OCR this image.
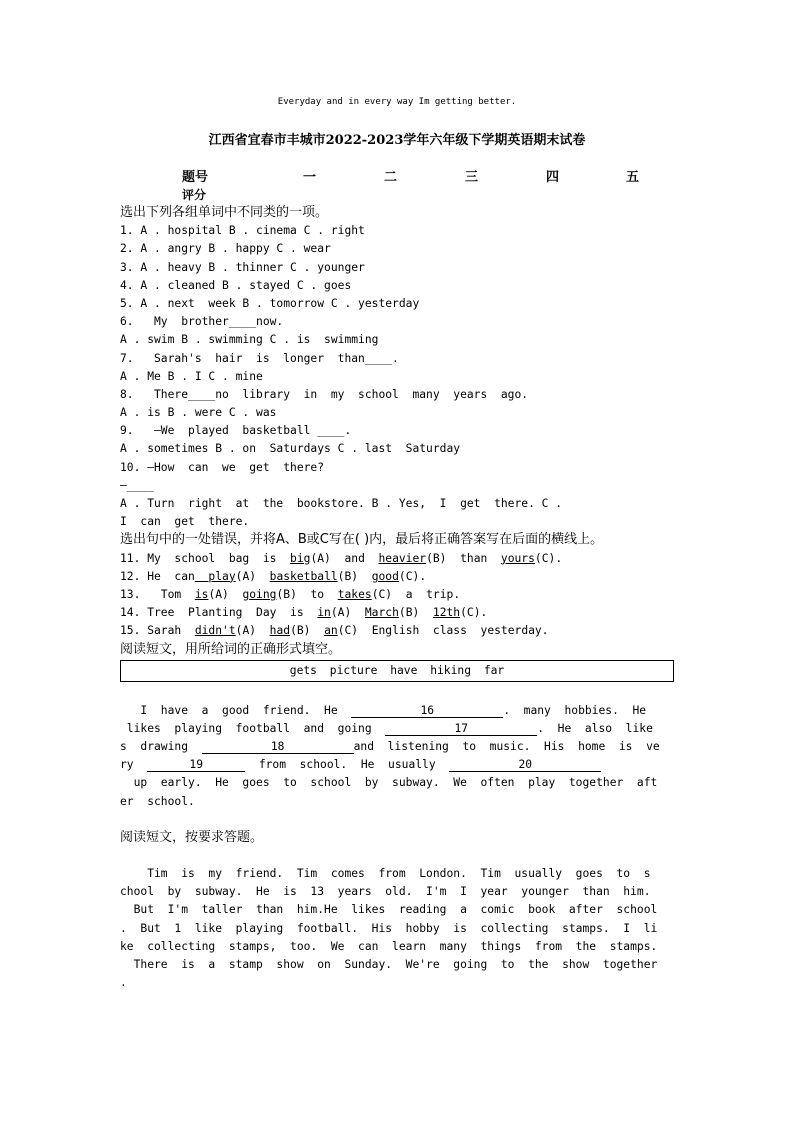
Everyday and in every way Im getting better.
江西省宜春市丰城市2022-2023学年六年级下学期英语期末试卷
题号	一	二	三	四	五
评分
选出下列各组单词中不同类的一项。
1. A . hospital B . cinema C . right
2. A . angry B . happy C . wear
3. A . heavy B . thinner C . younger
4. A . cleaned B . stayed C . goes
5. A . next  week B . tomorrow C . yesterday
6.   My  brother____now.
A . swim B . swimming C . is  swimming
7.   Sarah's  hair  is  longer  than____.
A . Me B . I C . mine
8.   There____no  library  in  my  school  many  years  ago.
A . is B . were C . was
9.   —We  played  basketball ____.
A . sometimes B . on  Saturdays C . last  Saturday
10. —How  can  we  get  there?
—____
A . Turn  right  at  the  bookstore. B . Yes,  I  get  there. C .
I  can  get  there.
选出句中的一处错误，并将A、B或C写在( )内，最后将正确答案写在后面的横线上。
11. My  school  bag  is  big(A)  and  heavier(B)  than  yours(C).
12. He  can  play(A) basketball(B) good(C).
13.   Tom  is(A) going(B)  to  takes(C)  a  trip.
14. Tree  Planting  Day  is  in(A) March(B) 12th(C).
15. Sarah  didn't(A) had(B) an(C)  English  class  yesterday.
阅读短文，用所给词的正确形式填空。
gets picture have hiking far
I  have  a  good  friend.  He	16	.  many  hobbies.  He
likes  playing  football  and  going	17	.  He  also  like
s  drawing	18	and  listening  to  music.  His  home  is  ve
ry	19	from  school.  He  usually	20
up  early.  He  goes  to  school  by  subway.  We  often  play  together  aft
er  school.
阅读短文，按要求答题。
Tim  is  my  friend.  Tim  comes  from  London.  Tim  usually  goes  to  s
chool  by  subway.  He  is  13  years  old.  I'm  I  year  younger  than  him.
But  I'm  taller  than  him.He  likes  reading  a  comic  book  after  school
.  But  1  like  playing  football.  His  hobby  is  collecting  stamps.  I  li
ke  collecting  stamps,  too.  We  can  learn  many  things  from  the  stamps.
There  is  a  stamp  show  on  Sunday.  We're  going  to  the  show  together
.
